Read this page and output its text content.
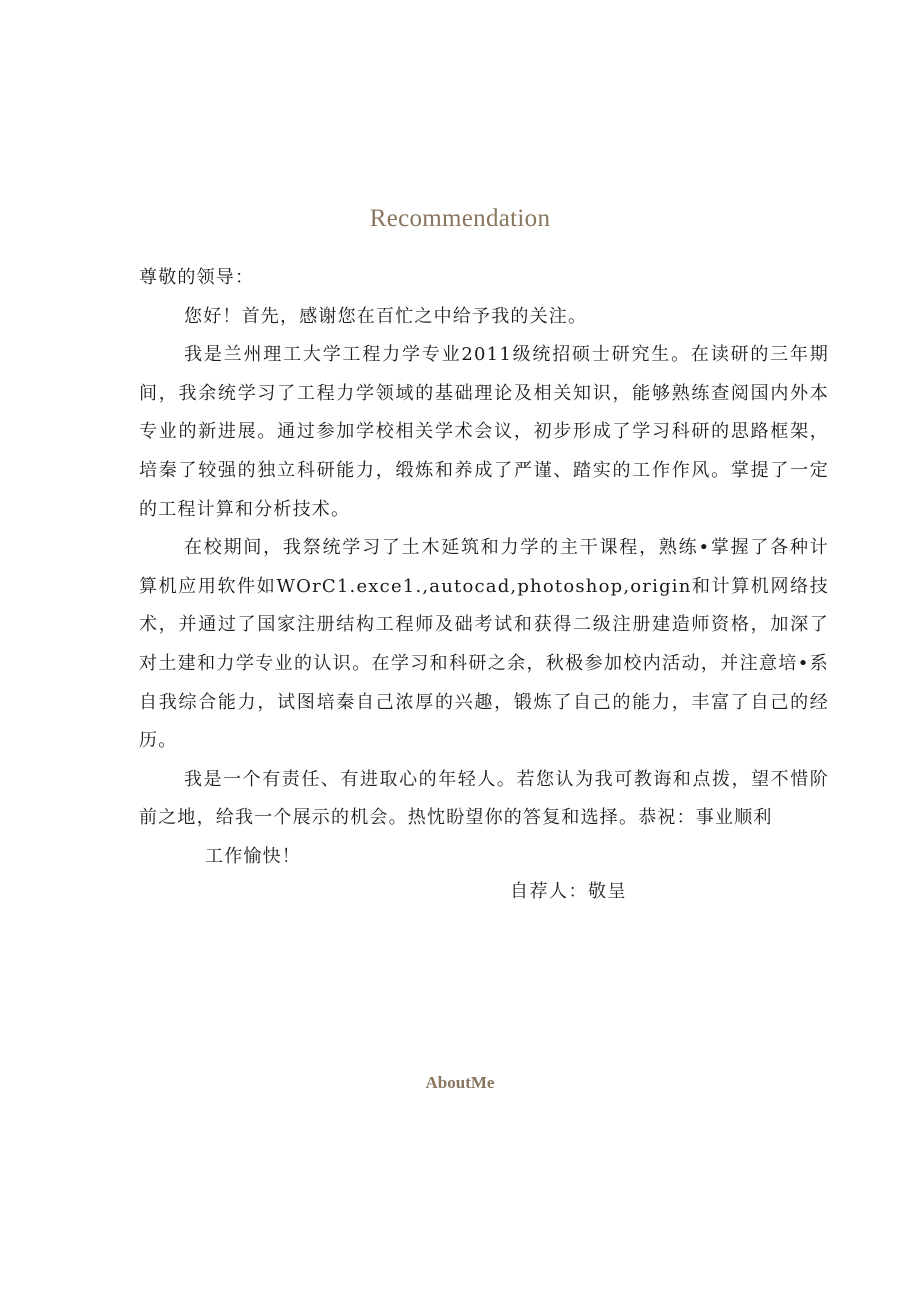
Recommendation

尊敬的领导：

您好！首先，感谢您在百忙之中给予我的关注。

我是兰州理工大学工程力学专业2011级统招硕士研究生。在读研的三年期间，我余统学习了工程力学领域的基础理论及相关知识，能够熟练查阅国内外本专业的新进展。通过参加学校相关学术会议，初步形成了学习科研的思路框架，培秦了较强的独立科研能力，缎炼和养成了严谨、踏实的工作作风。掌提了一定的工程计算和分析技术。

在校期间，我祭统学习了土木延筑和力学的主干课程，熟练•掌握了各种计算机应用软件如WOrC1.exce1.,autocad,photoshop,origin和计算机网络技术，并通过了国家注册结构工程师及础考试和获得二级注册建造师资格，加深了对土建和力学专业的认识。在学习和科研之余，秋极参加校内活动，并注意培•系自我综合能力，试图培秦自己浓厚的兴趣，锻炼了自己的能力，丰富了自己的经历。

我是一个有责任、有进取心的年轻人。若您认为我可教诲和点拨，望不惜阶前之地，给我一个展示的机会。热忱盼望你的答复和选择。恭祝：事业顺利

工作愉快！

自荐人：敬呈
AboutMe
